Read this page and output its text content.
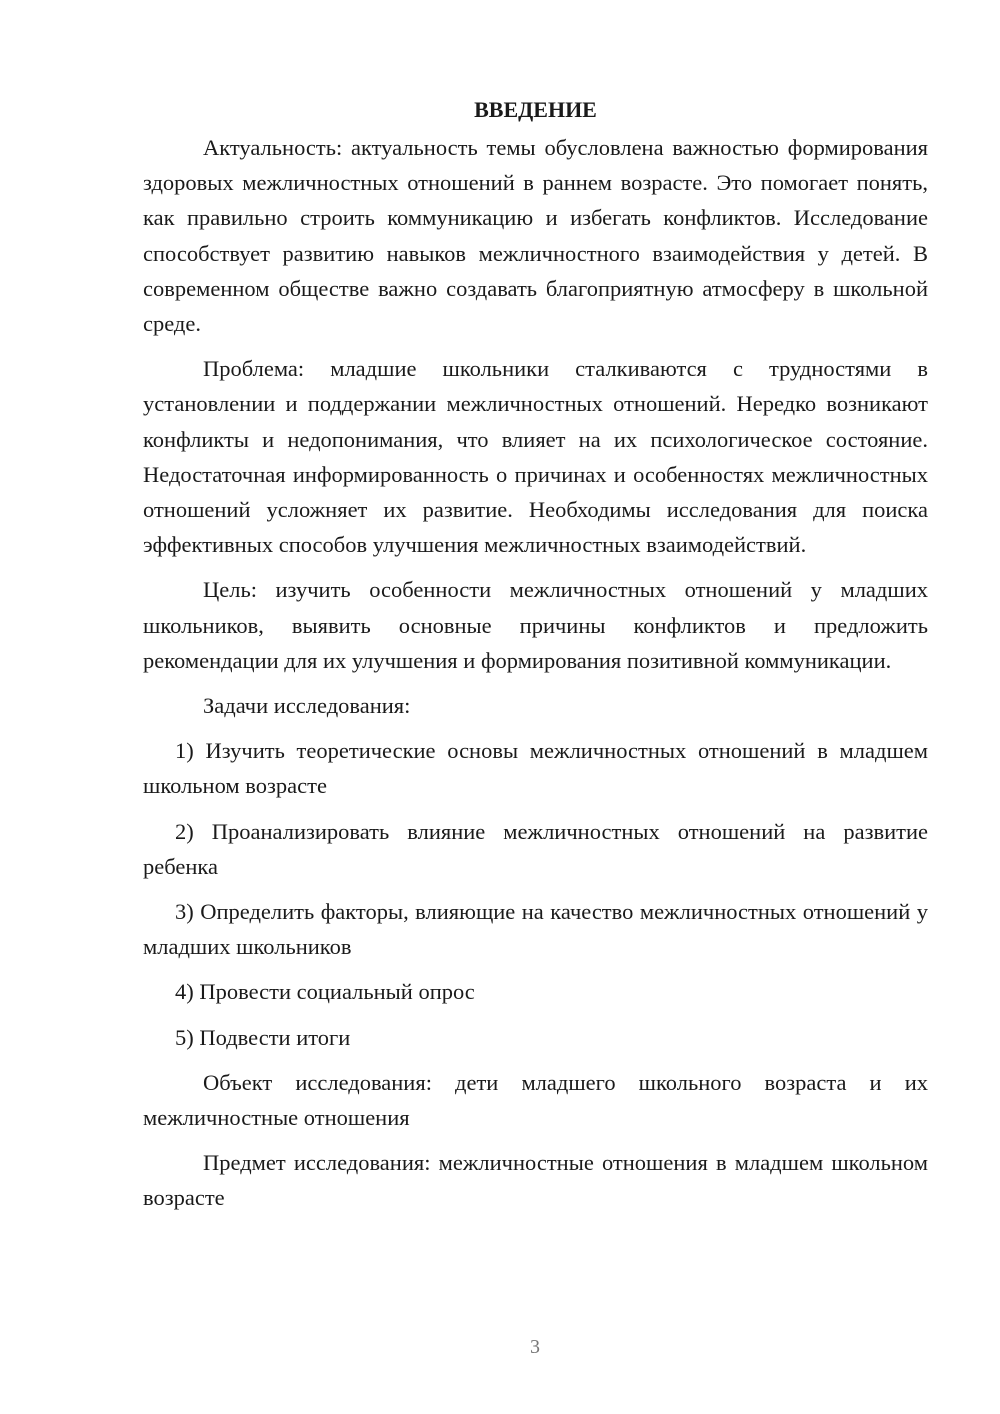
ВВЕДЕНИЕ

Актуальность: актуальность темы обусловлена важностью формирования здоровых межличностных отношений в раннем возрасте. Это помогает понять, как правильно строить коммуникацию и избегать конфликтов. Исследование способствует развитию навыков межличностного взаимодействия у детей. В современном обществе важно создавать благоприятную атмосферу в школьной среде.

Проблема: младшие школьники сталкиваются с трудностями в установлении и поддержании межличностных отношений. Нередко возникают конфликты и недопонимания, что влияет на их психологическое состояние. Недостаточная информированность о причинах и особенностях межличностных отношений усложняет их развитие. Необходимы исследования для поиска эффективных способов улучшения межличностных взаимодействий.

Цель: изучить особенности межличностных отношений у младших школьников, выявить основные причины конфликтов и предложить рекомендации для их улучшения и формирования позитивной коммуникации.

Задачи исследования:

1) Изучить теоретические основы межличностных отношений в младшем школьном возрасте

2) Проанализировать влияние межличностных отношений на развитие ребенка

3) Определить факторы, влияющие на качество межличностных отношений у младших школьников

4) Провести социальный опрос

5) Подвести итоги

Объект исследования: дети младшего школьного возраста и их межличностные отношения

Предмет исследования: межличностные отношения в младшем школьном возрасте

3
